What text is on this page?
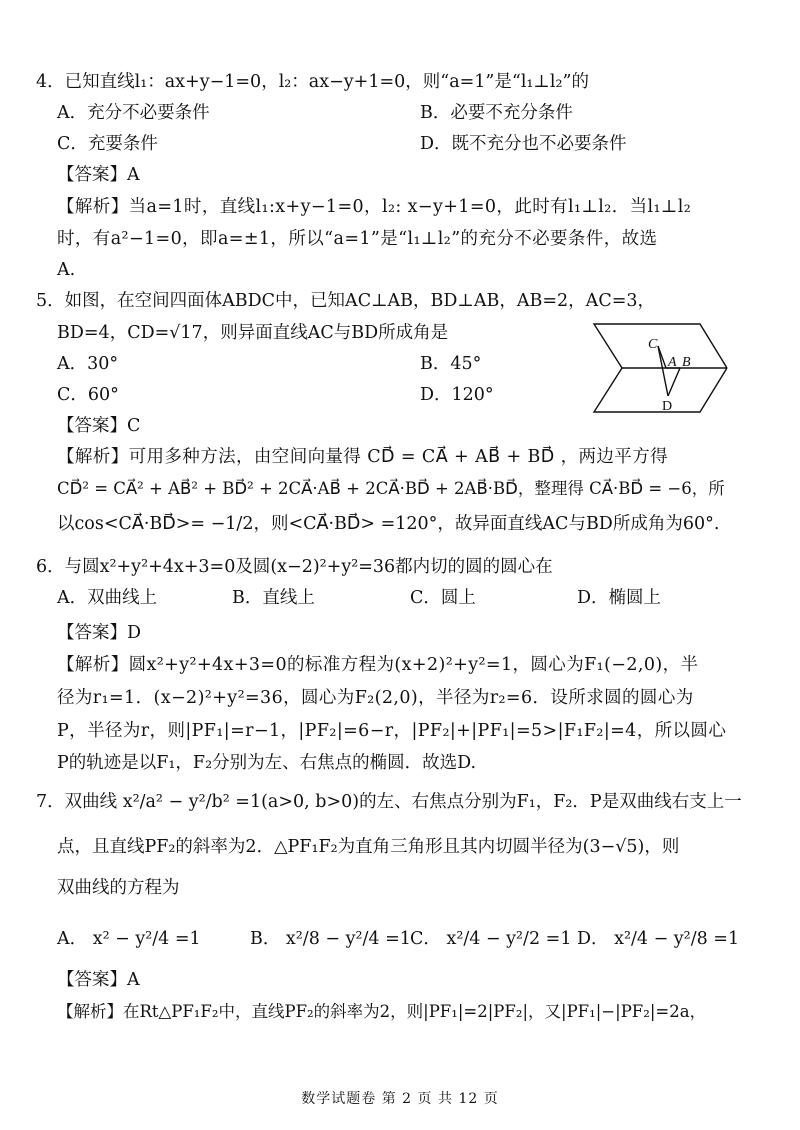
4．已知直线l₁：ax+y−1=0，l₂：ax−y+1=0，则“a=1”是“l₁⊥l₂”的
A．充分不必要条件	B．必要不充分条件
C．充要条件	D．既不充分也不必要条件
【答案】A
【解析】当a=1时，直线l₁:x+y−1=0，l₂: x−y+1=0，此时有l₁⊥l₂．当l₁⊥l₂
时，有a²−1=0，即a=±1，所以“a=1”是“l₁⊥l₂”的充分不必要条件，故选
A.
5．如图，在空间四面体ABDC中，已知AC⊥AB，BD⊥AB，AB=2，AC=3，
BD=4，CD=√17，则异面直线AC与BD所成角是
A．30°	B．45°
C．60°	D．120°
C
A B
D
【答案】C
【解析】可用多种方法，由空间向量得 CD⃗ = CA⃗ + AB⃗ + BD⃗ ，两边平方得
CD⃗² = CA⃗² + AB⃗² + BD⃗² + 2CA⃗·AB⃗ + 2CA⃗·BD⃗ + 2AB⃗·BD⃗，整理得 CA⃗·BD⃗ = −6，所
以cos<CA⃗·BD⃗>= −1/2，则<CA⃗·BD⃗> =120°，故异面直线AC与BD所成角为60°.
6．与圆x²+y²+4x+3=0及圆(x−2)²+y²=36都内切的圆的圆心在
A．双曲线上	B．直线上	C．圆上	D．椭圆上
【答案】D
【解析】圆x²+y²+4x+3=0的标准方程为(x+2)²+y²=1，圆心为F₁(−2,0)，半
径为r₁=1．(x−2)²+y²=36，圆心为F₂(2,0)，半径为r₂=6．设所求圆的圆心为
P，半径为r，则|PF₁|=r−1，|PF₂|=6−r，|PF₂|+|PF₁|=5>|F₁F₂|=4，所以圆心
P的轨迹是以F₁，F₂分别为左、右焦点的椭圆．故选D.
7．双曲线 x²/a² − y²/b² =1(a>0, b>0)的左、右焦点分别为F₁，F₂．P是双曲线右支上一
点，且直线PF₂的斜率为2．△PF₁F₂为直角三角形且其内切圆半径为(3−√5)，则
双曲线的方程为
A． x² − y²/4 =1	B． x²/8 − y²/4 =1 C． x²/4 − y²/2 =1 D． x²/4 − y²/8 =1
【答案】A
【解析】在Rt△PF₁F₂中，直线PF₂的斜率为2，则|PF₁|=2|PF₂|，又|PF₁|−|PF₂|=2a，
数学试题卷 第 2 页 共 12 页
